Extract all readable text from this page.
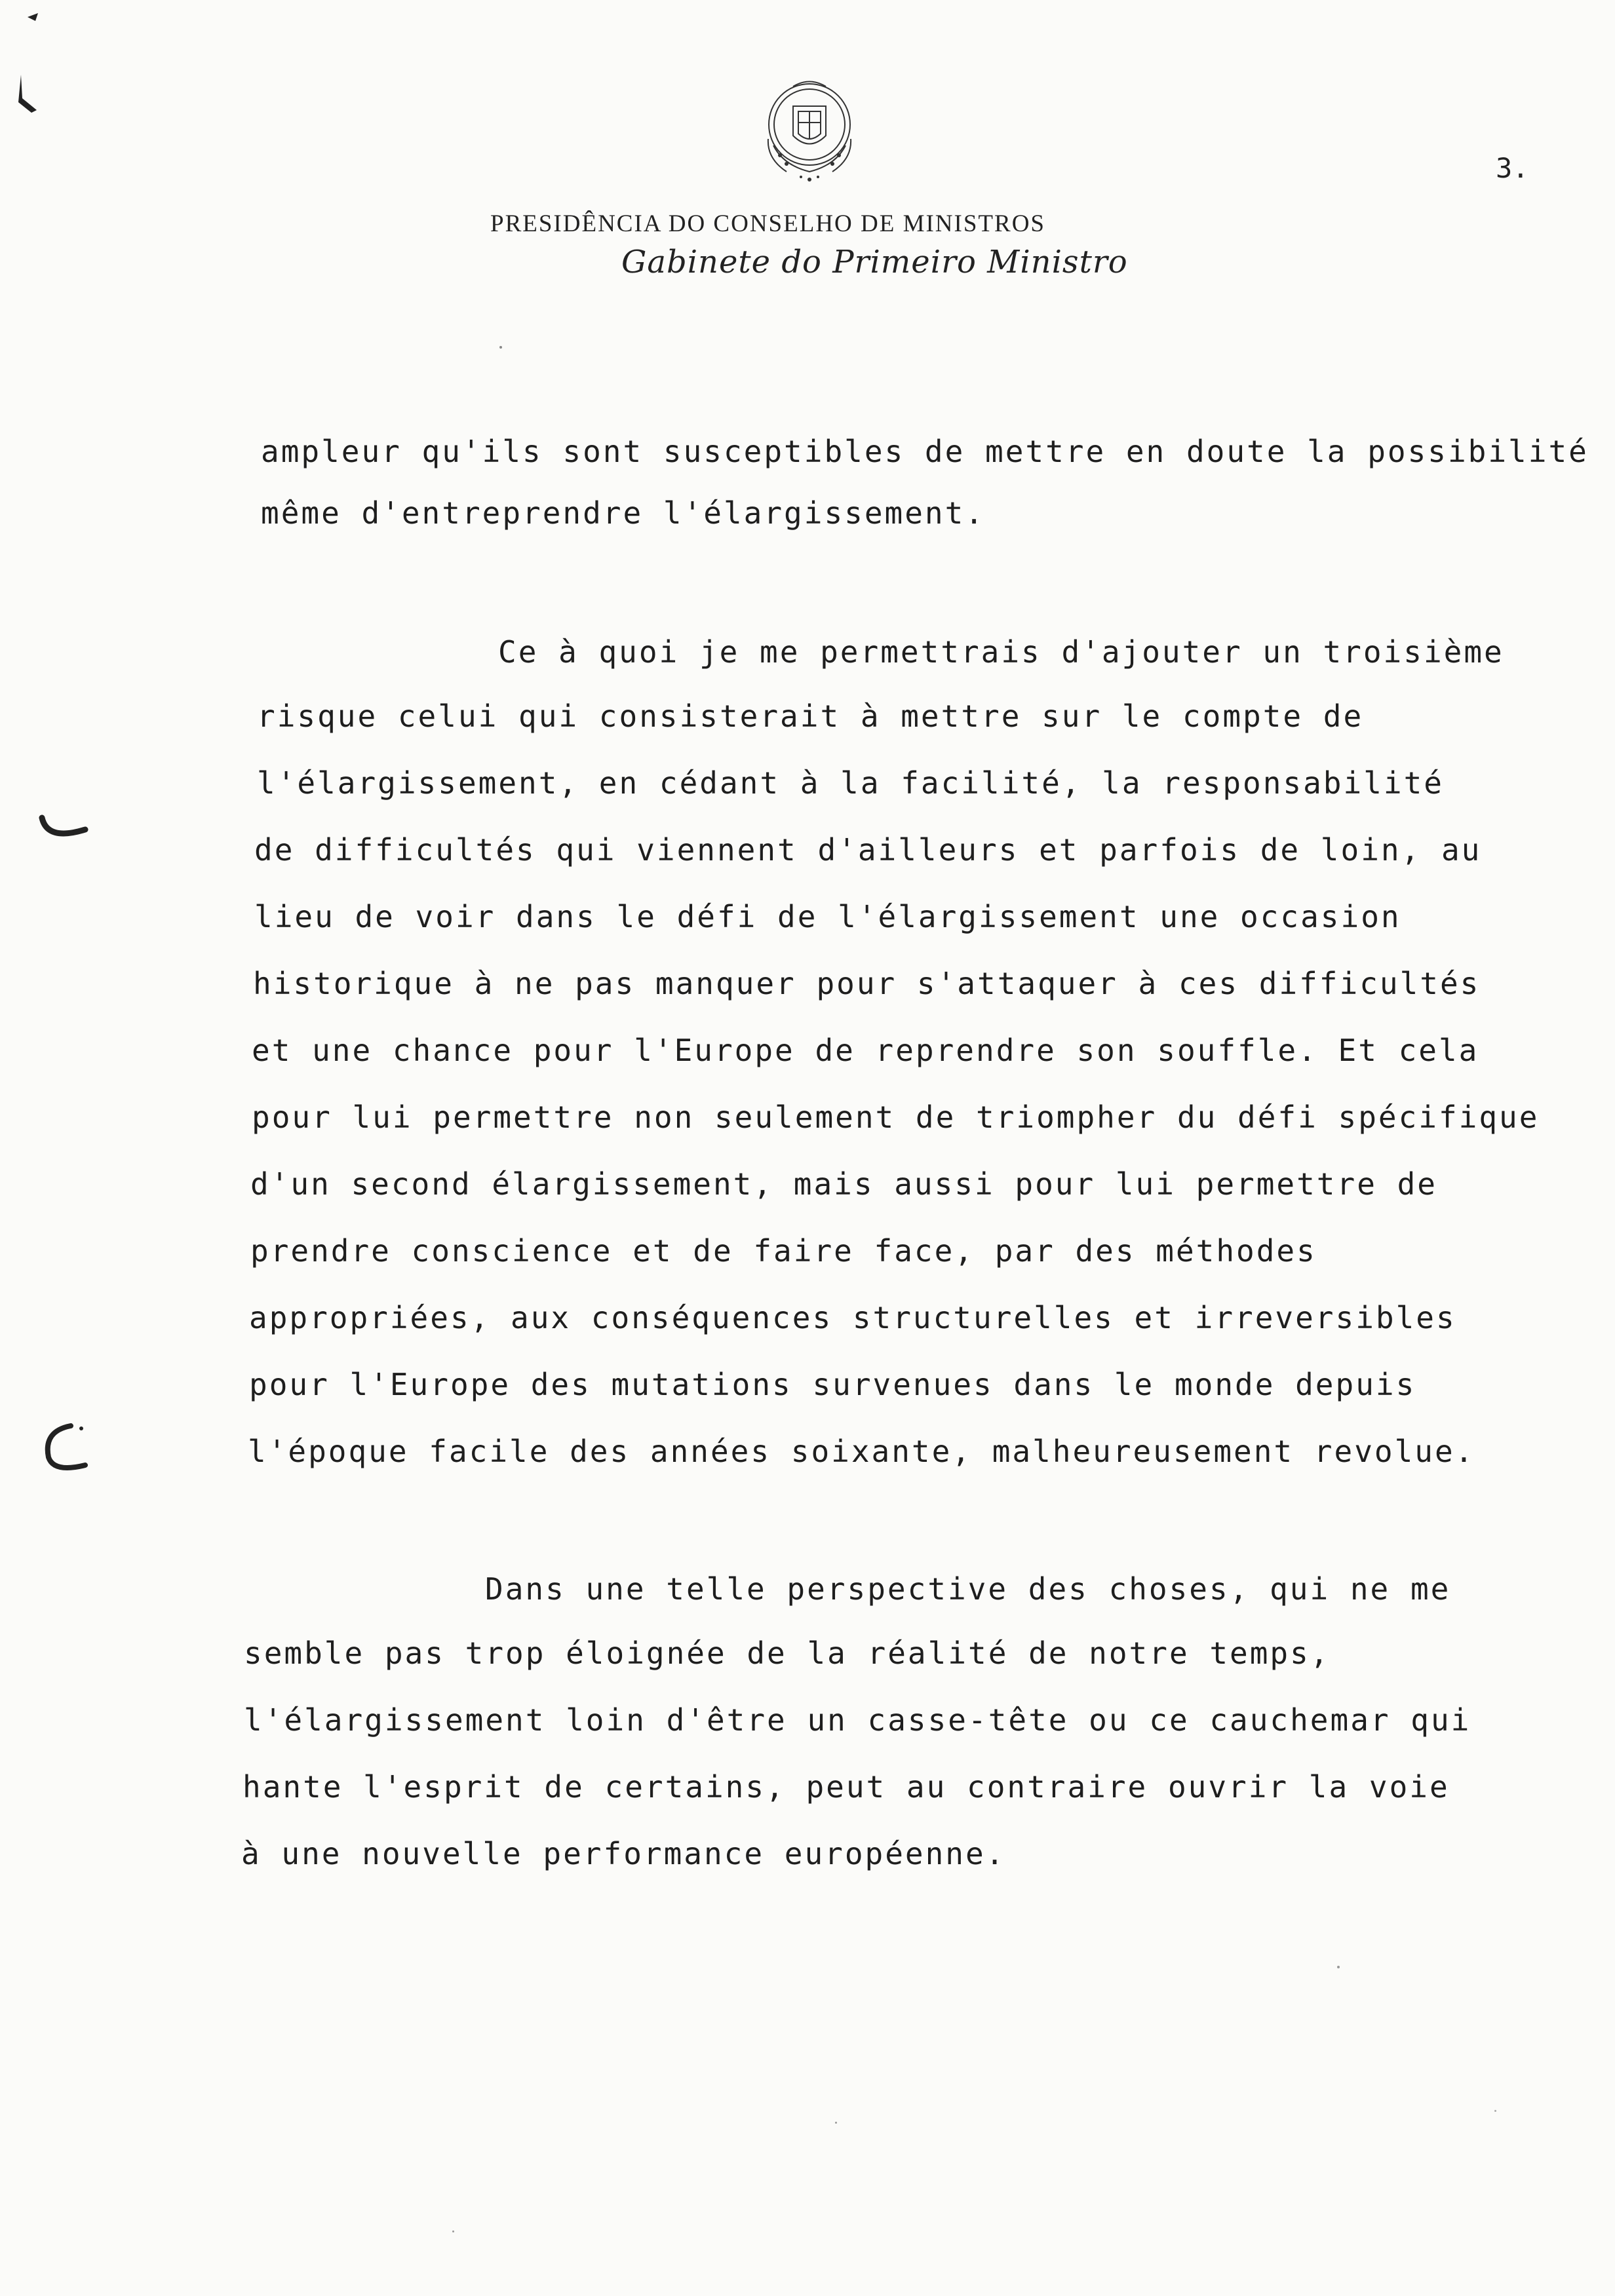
PRESIDÊNCIA DO CONSELHO DE MINISTROS
Gabinete do Primeiro Ministro
3.
ampleur qu'ils sont susceptibles de mettre en doute la possibilité
même d'entreprendre l'élargissement.
Ce à quoi je me permettrais d'ajouter un troisième
risque celui qui consisterait à mettre sur le compte de
l'élargissement, en cédant à la facilité, la responsabilité
de difficultés qui viennent d'ailleurs et parfois de loin, au
lieu de voir dans le défi de l'élargissement une occasion
historique à ne pas manquer pour s'attaquer à ces difficultés
et une chance pour l'Europe de reprendre son souffle. Et cela
pour lui permettre non seulement de triompher du défi spécifique
d'un second élargissement, mais aussi pour lui permettre de
prendre conscience et de faire face, par des méthodes
appropriées, aux conséquences structurelles et irreversibles
pour l'Europe des mutations survenues dans le monde depuis
l'époque facile des années soixante, malheureusement revolue.
Dans une telle perspective des choses, qui ne me
semble pas trop éloignée de la réalité de notre temps,
l'élargissement loin d'être un casse-tête ou ce cauchemar qui
hante l'esprit de certains, peut au contraire ouvrir la voie
à une nouvelle performance européenne.
